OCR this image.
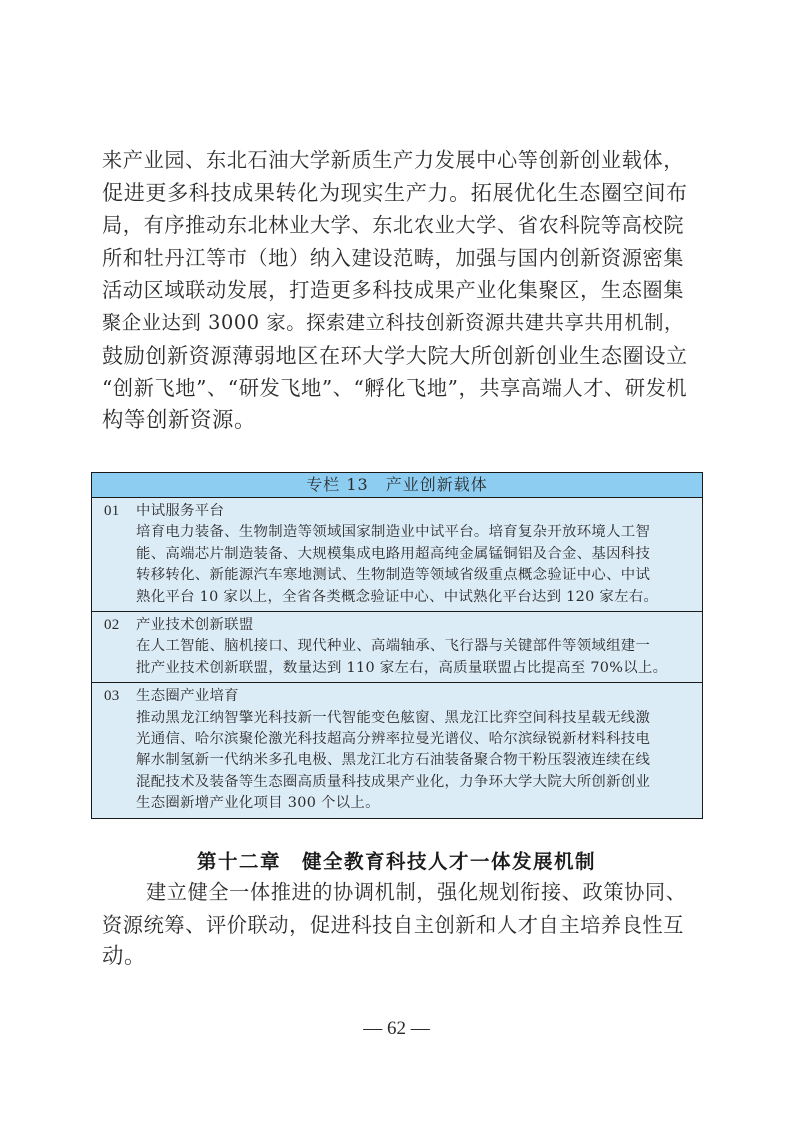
来产业园、东北石油大学新质生产力发展中心等创新创业载体，
促进更多科技成果转化为现实生产力。拓展优化生态圈空间布
局，有序推动东北林业大学、东北农业大学、省农科院等高校院
所和牡丹江等市（地）纳入建设范畴，加强与国内创新资源密集
活动区域联动发展，打造更多科技成果产业化集聚区，生态圈集
聚企业达到 3000 家。探索建立科技创新资源共建共享共用机制，
鼓励创新资源薄弱地区在环大学大院大所创新创业生态圈设立
“创新飞地”、“研发飞地”、“孵化飞地”，共享高端人才、研发机
构等创新资源。
专栏 13　产业创新载体
01 中试服务平台
培育电力装备、生物制造等领域国家制造业中试平台。培育复杂开放环境人工智
能、高端芯片制造装备、大规模集成电路用超高纯金属锰铜铝及合金、基因科技
转移转化、新能源汽车寒地测试、生物制造等领域省级重点概念验证中心、中试
熟化平台 10 家以上，全省各类概念验证中心、中试熟化平台达到 120 家左右。
02 产业技术创新联盟
在人工智能、脑机接口、现代种业、高端轴承、飞行器与关键部件等领域组建一
批产业技术创新联盟，数量达到 110 家左右，高质量联盟占比提高至 70%以上。
03 生态圈产业培育
推动黑龙江纳智擎光科技新一代智能变色舷窗、黑龙江比弈空间科技星载无线激
光通信、哈尔滨聚伦激光科技超高分辨率拉曼光谱仪、哈尔滨绿锐新材料科技电
解水制氢新一代纳米多孔电极、黑龙江北方石油装备聚合物干粉压裂液连续在线
混配技术及装备等生态圈高质量科技成果产业化，力争环大学大院大所创新创业
生态圈新增产业化项目 300 个以上。
第十二章　健全教育科技人才一体发展机制
建立健全一体推进的协调机制，强化规划衔接、政策协同、
资源统筹、评价联动，促进科技自主创新和人才自主培养良性互
动。
— 62 —
